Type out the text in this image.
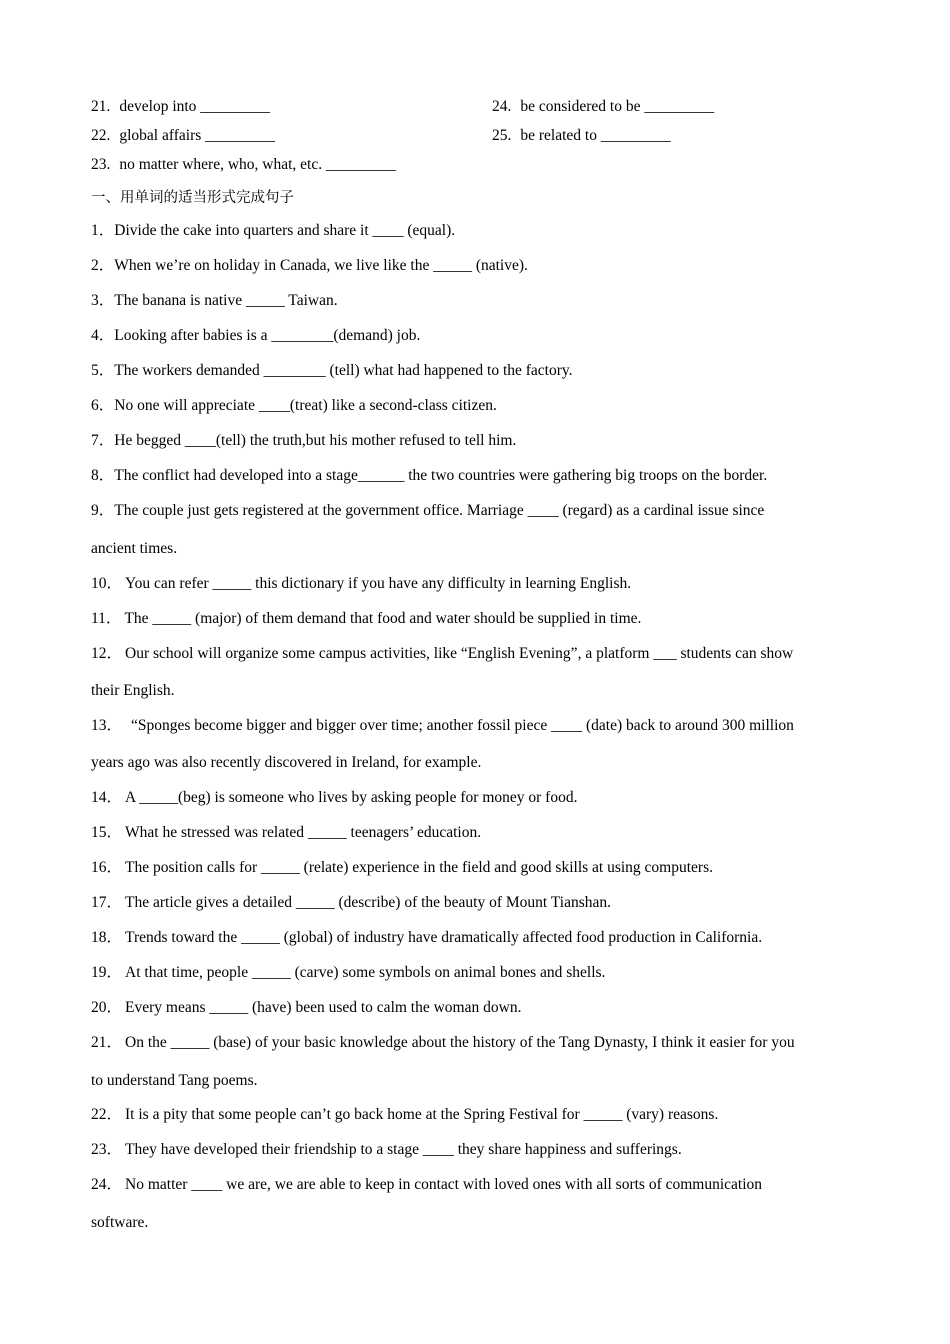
21. develop into _________
22. global affairs _________
23. no matter where, who, what, etc. _________
24. be considered to be _________
25. be related to _________
一、用单词的适当形式完成句子
1．Divide the cake into quarters and share it ____ (equal).
2．When we’re on holiday in Canada, we live like the _____ (native).
3．The banana is native _____ Taiwan.
4．Looking after babies is a ________(demand) job.
5．The workers demanded ________ (tell) what had happened to the factory.
6．No one will appreciate ____(treat) like a second-class citizen.
7．He begged ____(tell) the truth,but his mother refused to tell him.
8．The conflict had developed into a stage______ the two countries were gathering big troops on the border.
9．The couple just gets registered at the government office. Marriage ____ (regard) as a cardinal issue since
ancient times.
10． You can refer _____ this dictionary if you have any difficulty in learning English.
11． The _____ (major) of them demand that food and water should be supplied in time.
12． Our school will organize some campus activities, like “English Evening”, a platform ___ students can show
their English.
13． “Sponges become bigger and bigger over time; another fossil piece ____ (date) back to around 300 million
years ago was also recently discovered in Ireland, for example.
14． A _____(beg) is someone who lives by asking people for money or food.
15． What he stressed was related _____ teenagers’ education.
16． The position calls for _____ (relate) experience in the field and good skills at using computers.
17． The article gives a detailed _____ (describe) of the beauty of Mount Tianshan.
18． Trends toward the _____ (global) of industry have dramatically affected food production in California.
19． At that time, people _____ (carve) some symbols on animal bones and shells.
20． Every means _____ (have) been used to calm the woman down.
21． On the _____ (base) of your basic knowledge about the history of the Tang Dynasty, I think it easier for you
to understand Tang poems.
22． It is a pity that some people can’t go back home at the Spring Festival for _____ (vary) reasons.
23． They have developed their friendship to a stage ____ they share happiness and sufferings.
24． No matter ____ we are, we are able to keep in contact with loved ones with all sorts of communication
software.
